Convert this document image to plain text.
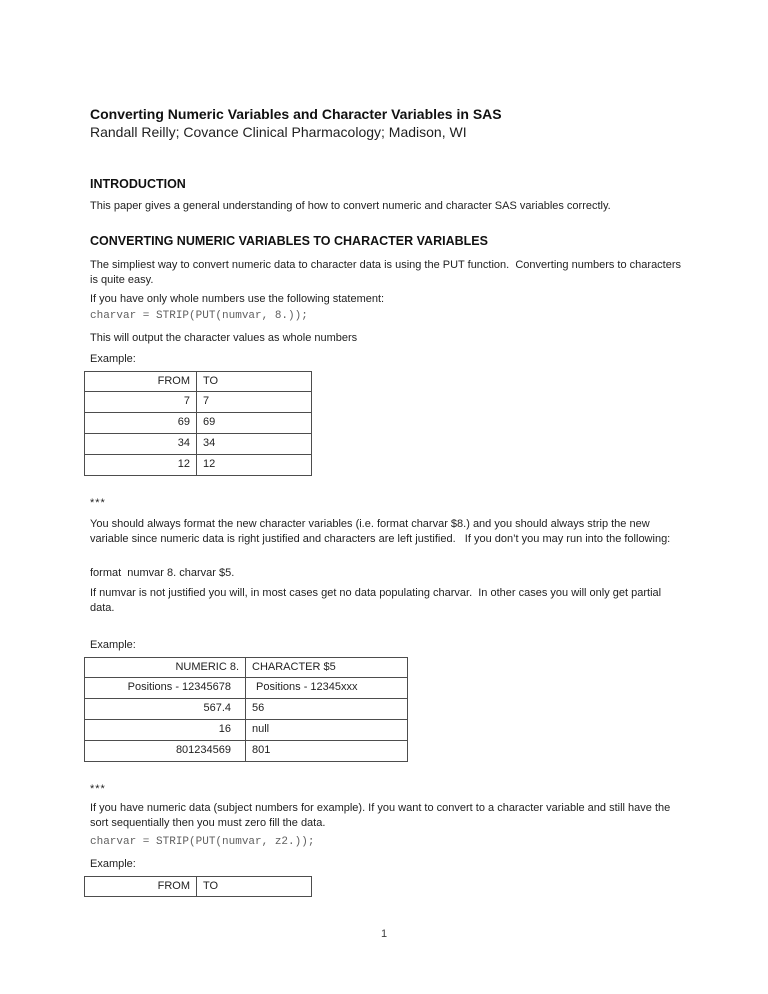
Converting Numeric Variables and Character Variables in SAS
Randall Reilly; Covance Clinical Pharmacology; Madison, WI
INTRODUCTION
This paper gives a general understanding of how to convert numeric and character SAS variables correctly.
CONVERTING NUMERIC VARIABLES TO CHARACTER VARIABLES
The simpliest way to convert numeric data to character data is using the PUT function.  Converting numbers to characters is quite easy.
If you have only whole numbers use the following statement:
charvar = STRIP(PUT(numvar, 8.));
This will output the character values as whole numbers
Example:
FROM	TO
7	7
69	69
34	34
12	12
***
You should always format the new character variables (i.e. format charvar $8.) and you should always strip the new variable since numeric data is right justified and characters are left justified.   If you don’t you may run into the following:
format  numvar 8. charvar $5.
If numvar is not justified you will, in most cases get no data populating charvar.  In other cases you will only get partial data.
Example:
NUMERIC 8.	CHARACTER $5
Positions - 12345678	Positions - 12345xxx
567.4	56
16	null
801234569	801
***
If you have numeric data (subject numbers for example). If you want to convert to a character variable and still have the sort sequentially then you must zero fill the data.
charvar = STRIP(PUT(numvar, z2.));
Example:
FROM	TO
1
